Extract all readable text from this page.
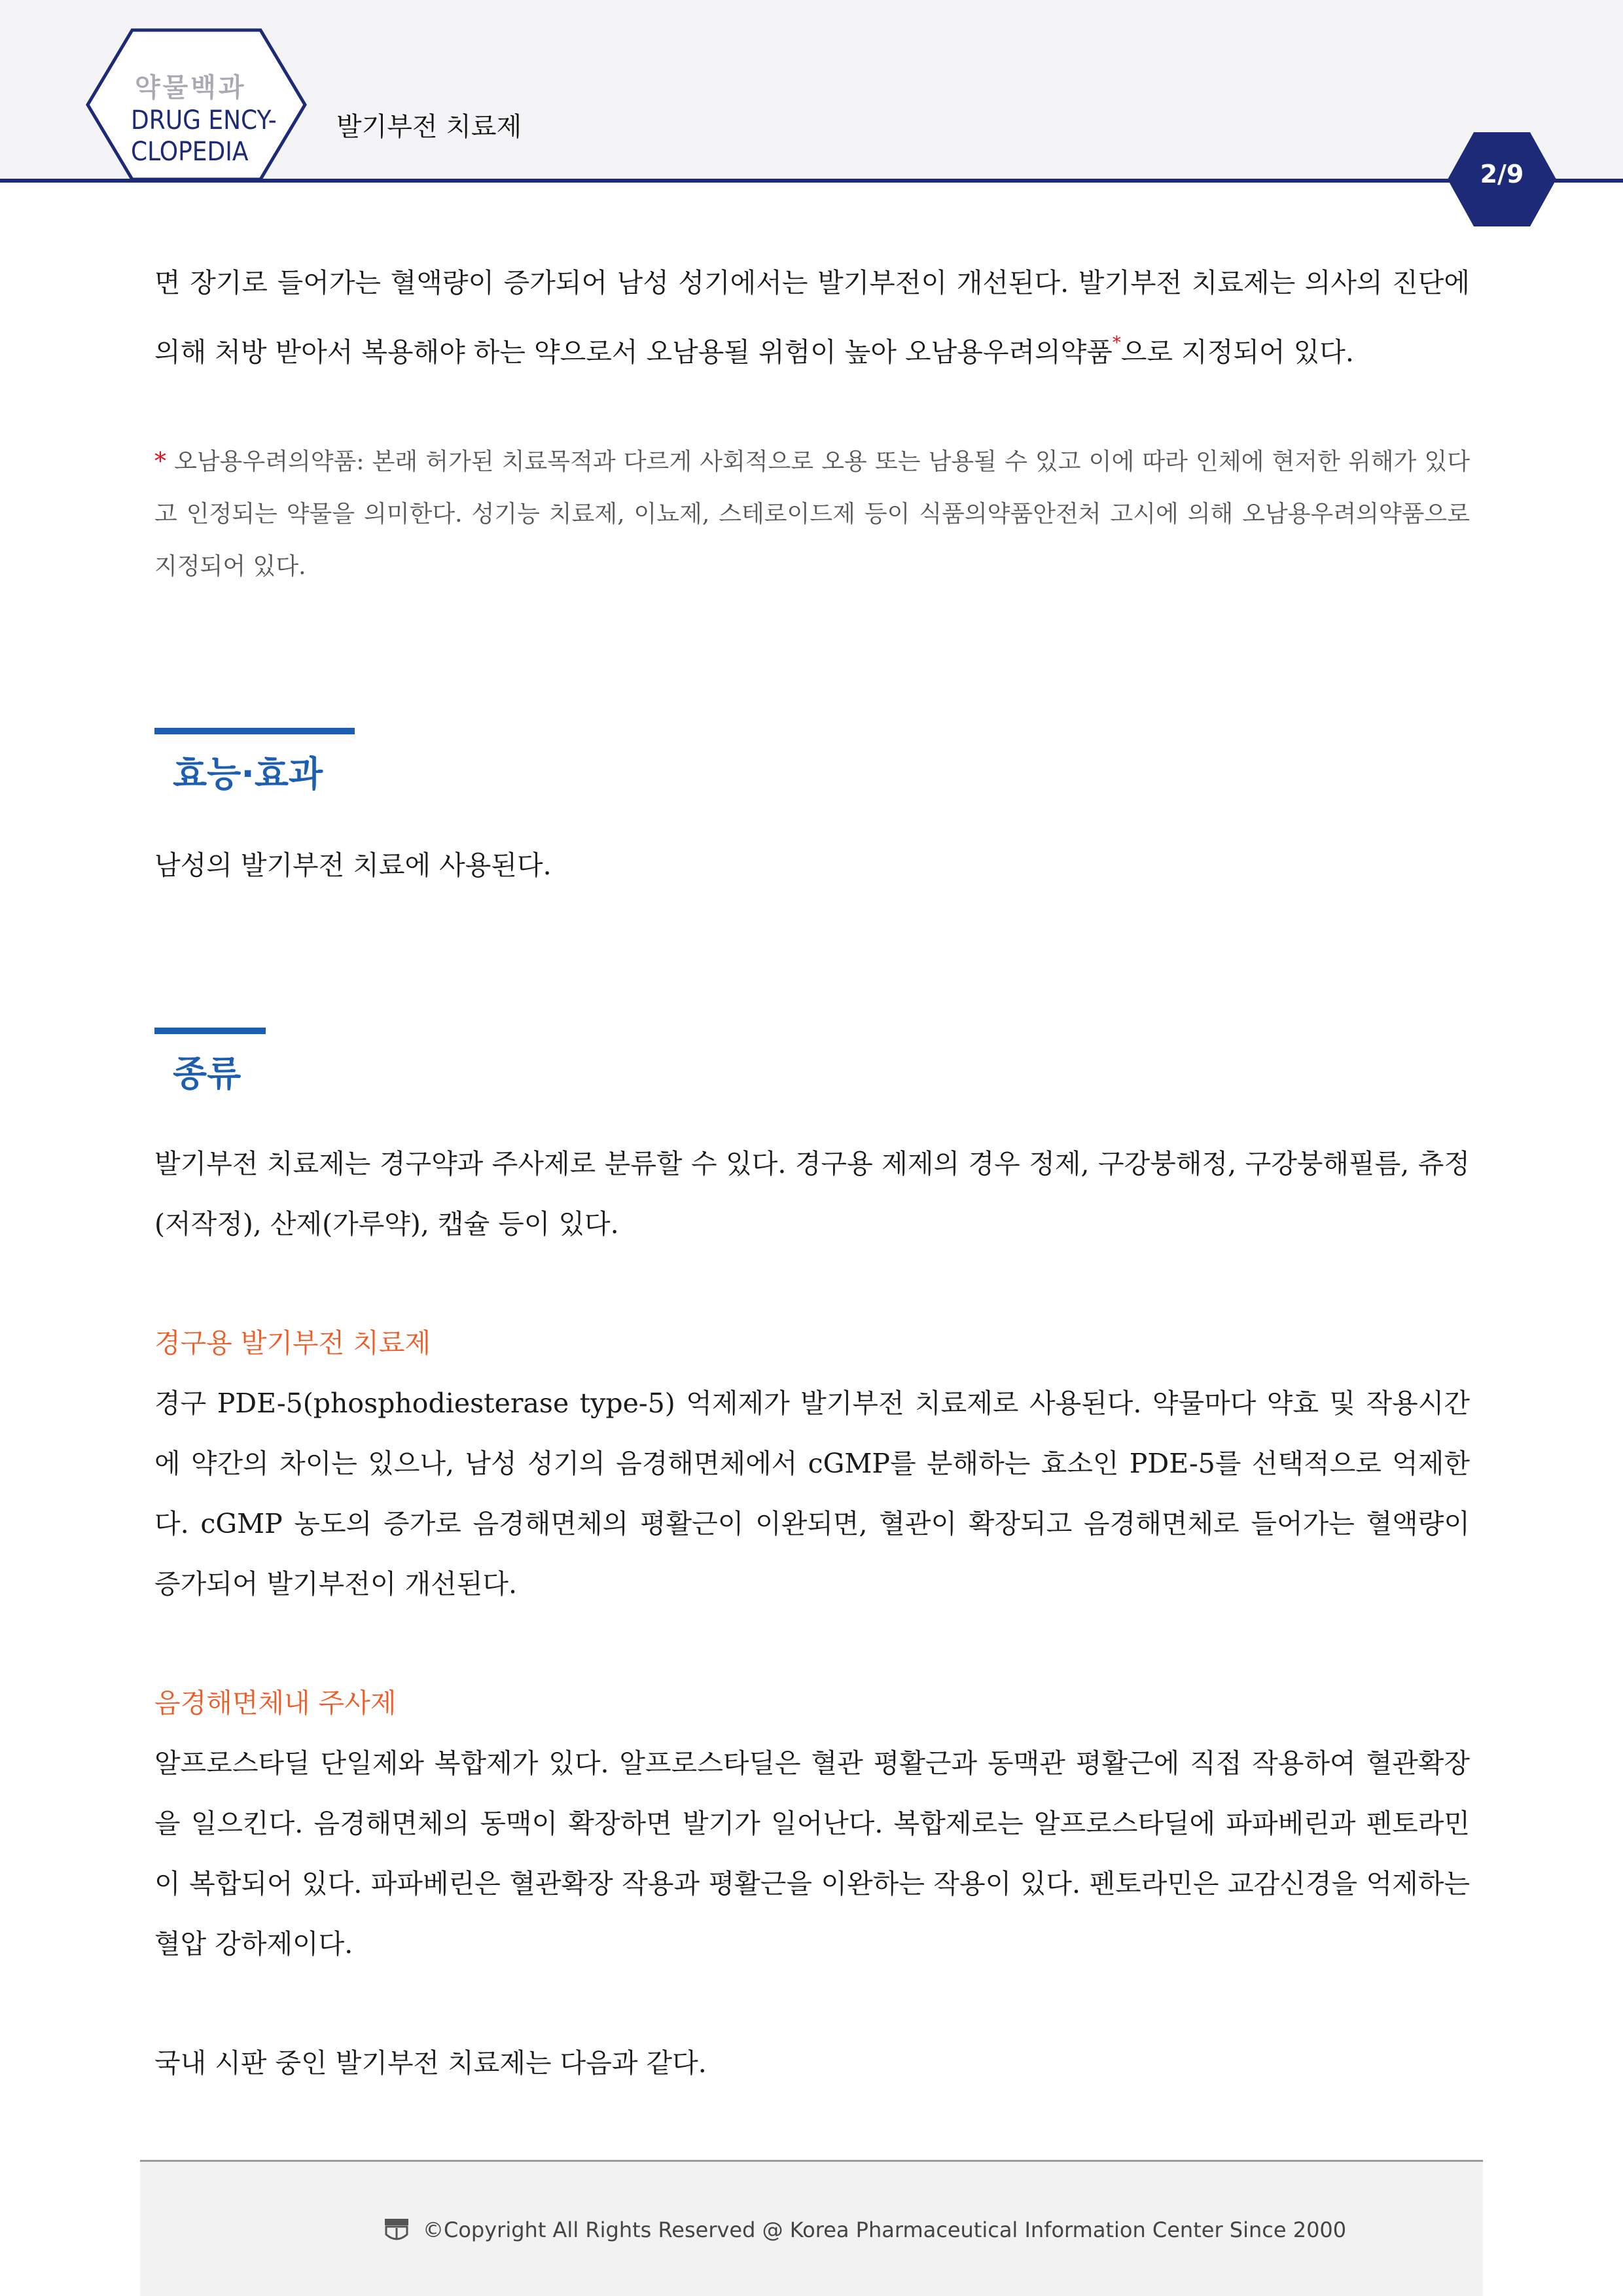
약물백과
DRUG ENCY-
CLOPEDIA
발기부전 치료제
2/9

면 장기로 들어가는 혈액량이 증가되어 남성 성기에서는 발기부전이 개선된다. 발기부전 치료제는 의사의 진단에 의해 처방 받아서 복용해야 하는 약으로서 오남용될 위험이 높아 오남용우려의약품*으로 지정되어 있다.

* 오남용우려의약품: 본래 허가된 치료목적과 다르게 사회적으로 오용 또는 남용될 수 있고 이에 따라 인체에 현저한 위해가 있다고 인정되는 약물을 의미한다. 성기능 치료제, 이뇨제, 스테로이드제 등이 식품의약품안전처 고시에 의해 오남용우려의약품으로 지정되어 있다.

효능·효과

남성의 발기부전 치료에 사용된다.

종류

발기부전 치료제는 경구약과 주사제로 분류할 수 있다. 경구용 제제의 경우 정제, 구강붕해정, 구강붕해필름, 츄정(저작정), 산제(가루약), 캡슐 등이 있다.

경구용 발기부전 치료제

경구 PDE-5(phosphodiesterase type-5) 억제제가 발기부전 치료제로 사용된다. 약물마다 약효 및 작용시간에 약간의 차이는 있으나, 남성 성기의 음경해면체에서 cGMP를 분해하는 효소인 PDE-5를 선택적으로 억제한다. cGMP 농도의 증가로 음경해면체의 평활근이 이완되면, 혈관이 확장되고 음경해면체로 들어가는 혈액량이 증가되어 발기부전이 개선된다.

음경해면체내 주사제

알프로스타딜 단일제와 복합제가 있다. 알프로스타딜은 혈관 평활근과 동맥관 평활근에 직접 작용하여 혈관확장을 일으킨다. 음경해면체의 동맥이 확장하면 발기가 일어난다. 복합제로는 알프로스타딜에 파파베린과 펜토라민이 복합되어 있다. 파파베린은 혈관확장 작용과 평활근을 이완하는 작용이 있다. 펜토라민은 교감신경을 억제하는 혈압 강하제이다.

국내 시판 중인 발기부전 치료제는 다음과 같다.

©Copyright All Rights Reserved @ Korea Pharmaceutical Information Center Since 2000
